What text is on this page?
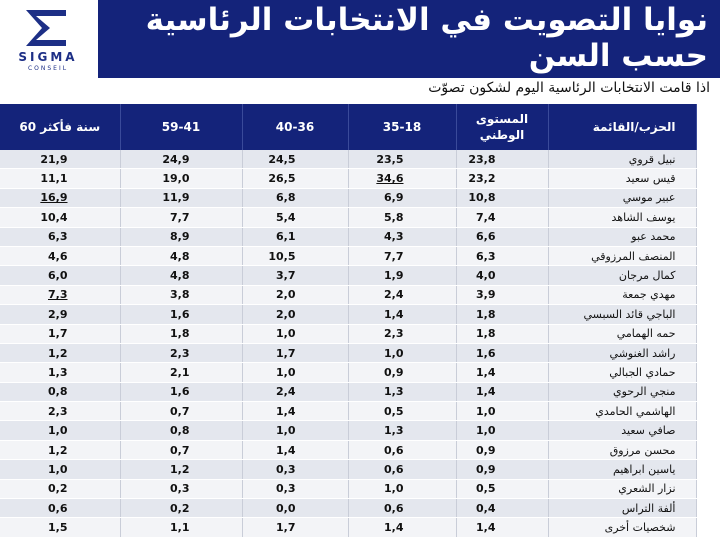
SIGMA
CONSEIL
نوايا التصويت في الانتخابات الرئاسية حسب السن
اذا قامت الانتخابات الرئاسية اليوم لشكون تصوّت
60 سنة فأكثر	59-41	40-36	35-18	المستوى الوطني	الحزب/القائمة
21,9	24,9	24,5	23,5	23,8	نبيل قروي
11,1	19,0	26,5	34,6	23,2	قيس سعيد
16,9	11,9	6,8	6,9	10,8	عبير موسي
10,4	7,7	5,4	5,8	7,4	يوسف الشاهد
6,3	8,9	6,1	4,3	6,6	محمد عبو
4,6	4,8	10,5	7,7	6,3	المنصف المرزوقي
6,0	4,8	3,7	1,9	4,0	كمال مرجان
7,3	3,8	2,0	2,4	3,9	مهدي جمعة
2,9	1,6	2,0	1,4	1,8	الباجي قائد السبسي
1,7	1,8	1,0	2,3	1,8	حمه الهمامي
1,2	2,3	1,7	1,0	1,6	راشد الغنوشي
1,3	2,1	1,0	0,9	1,4	حمادي الجبالي
0,8	1,6	2,4	1,3	1,4	منجي الرحوي
2,3	0,7	1,4	0,5	1,0	الهاشمي الحامدي
1,0	0,8	1,0	1,3	1,0	صافي سعيد
1,2	0,7	1,4	0,6	0,9	محسن مرزوق
1,0	1,2	0,3	0,6	0,9	ياسين ابراهيم
0,2	0,3	0,3	1,0	0,5	نزار الشعري
0,6	0,2	0,0	0,6	0,4	ألفة التراس
1,5	1,1	1,7	1,4	1,4	شخصيات أخرى
